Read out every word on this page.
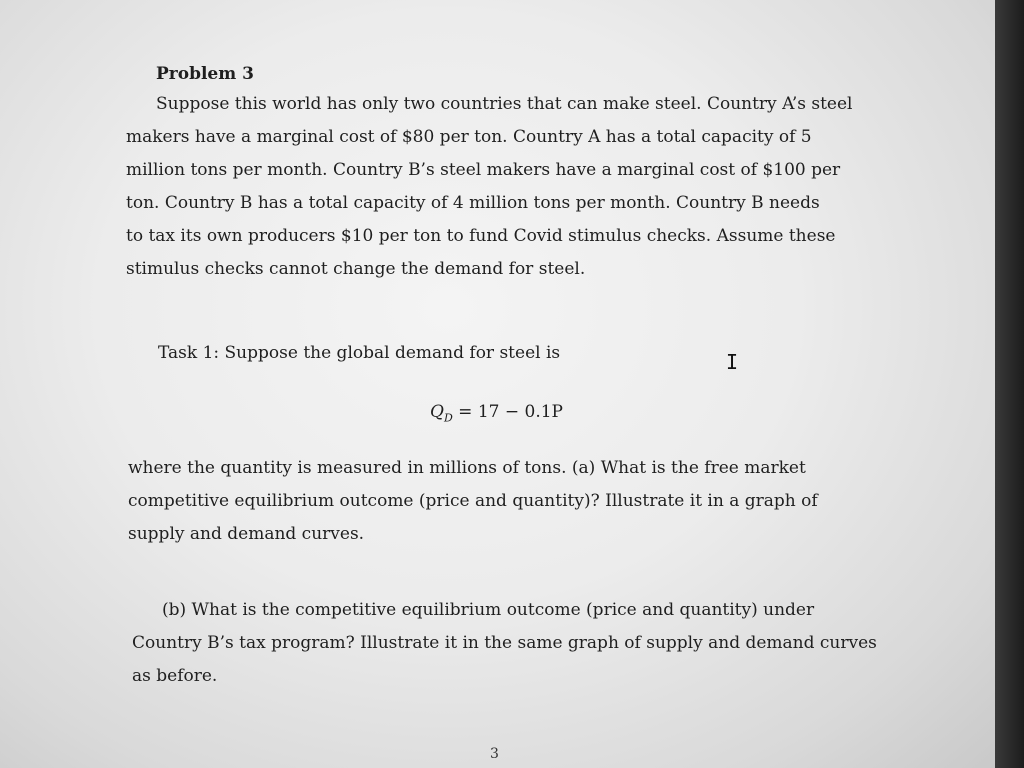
Problem 3
Suppose this world has only two countries that can make steel. Country A’s steel
makers have a marginal cost of $80 per ton. Country A has a total capacity of 5
million tons per month. Country B’s steel makers have a marginal cost of $100 per
ton. Country B has a total capacity of 4 million tons per month. Country B needs
to tax its own producers $10 per ton to fund Covid stimulus checks. Assume these
stimulus checks cannot change the demand for steel.
Task 1: Suppose the global demand for steel is	I
$Q_D = 17 - 0.1P$
where the quantity is measured in millions of tons. (a) What is the free market
competitive equilibrium outcome (price and quantity)? Illustrate it in a graph of
supply and demand curves.
(b) What is the competitive equilibrium outcome (price and quantity) under
Country B’s tax program? Illustrate it in the same graph of supply and demand curves
as before.
3
